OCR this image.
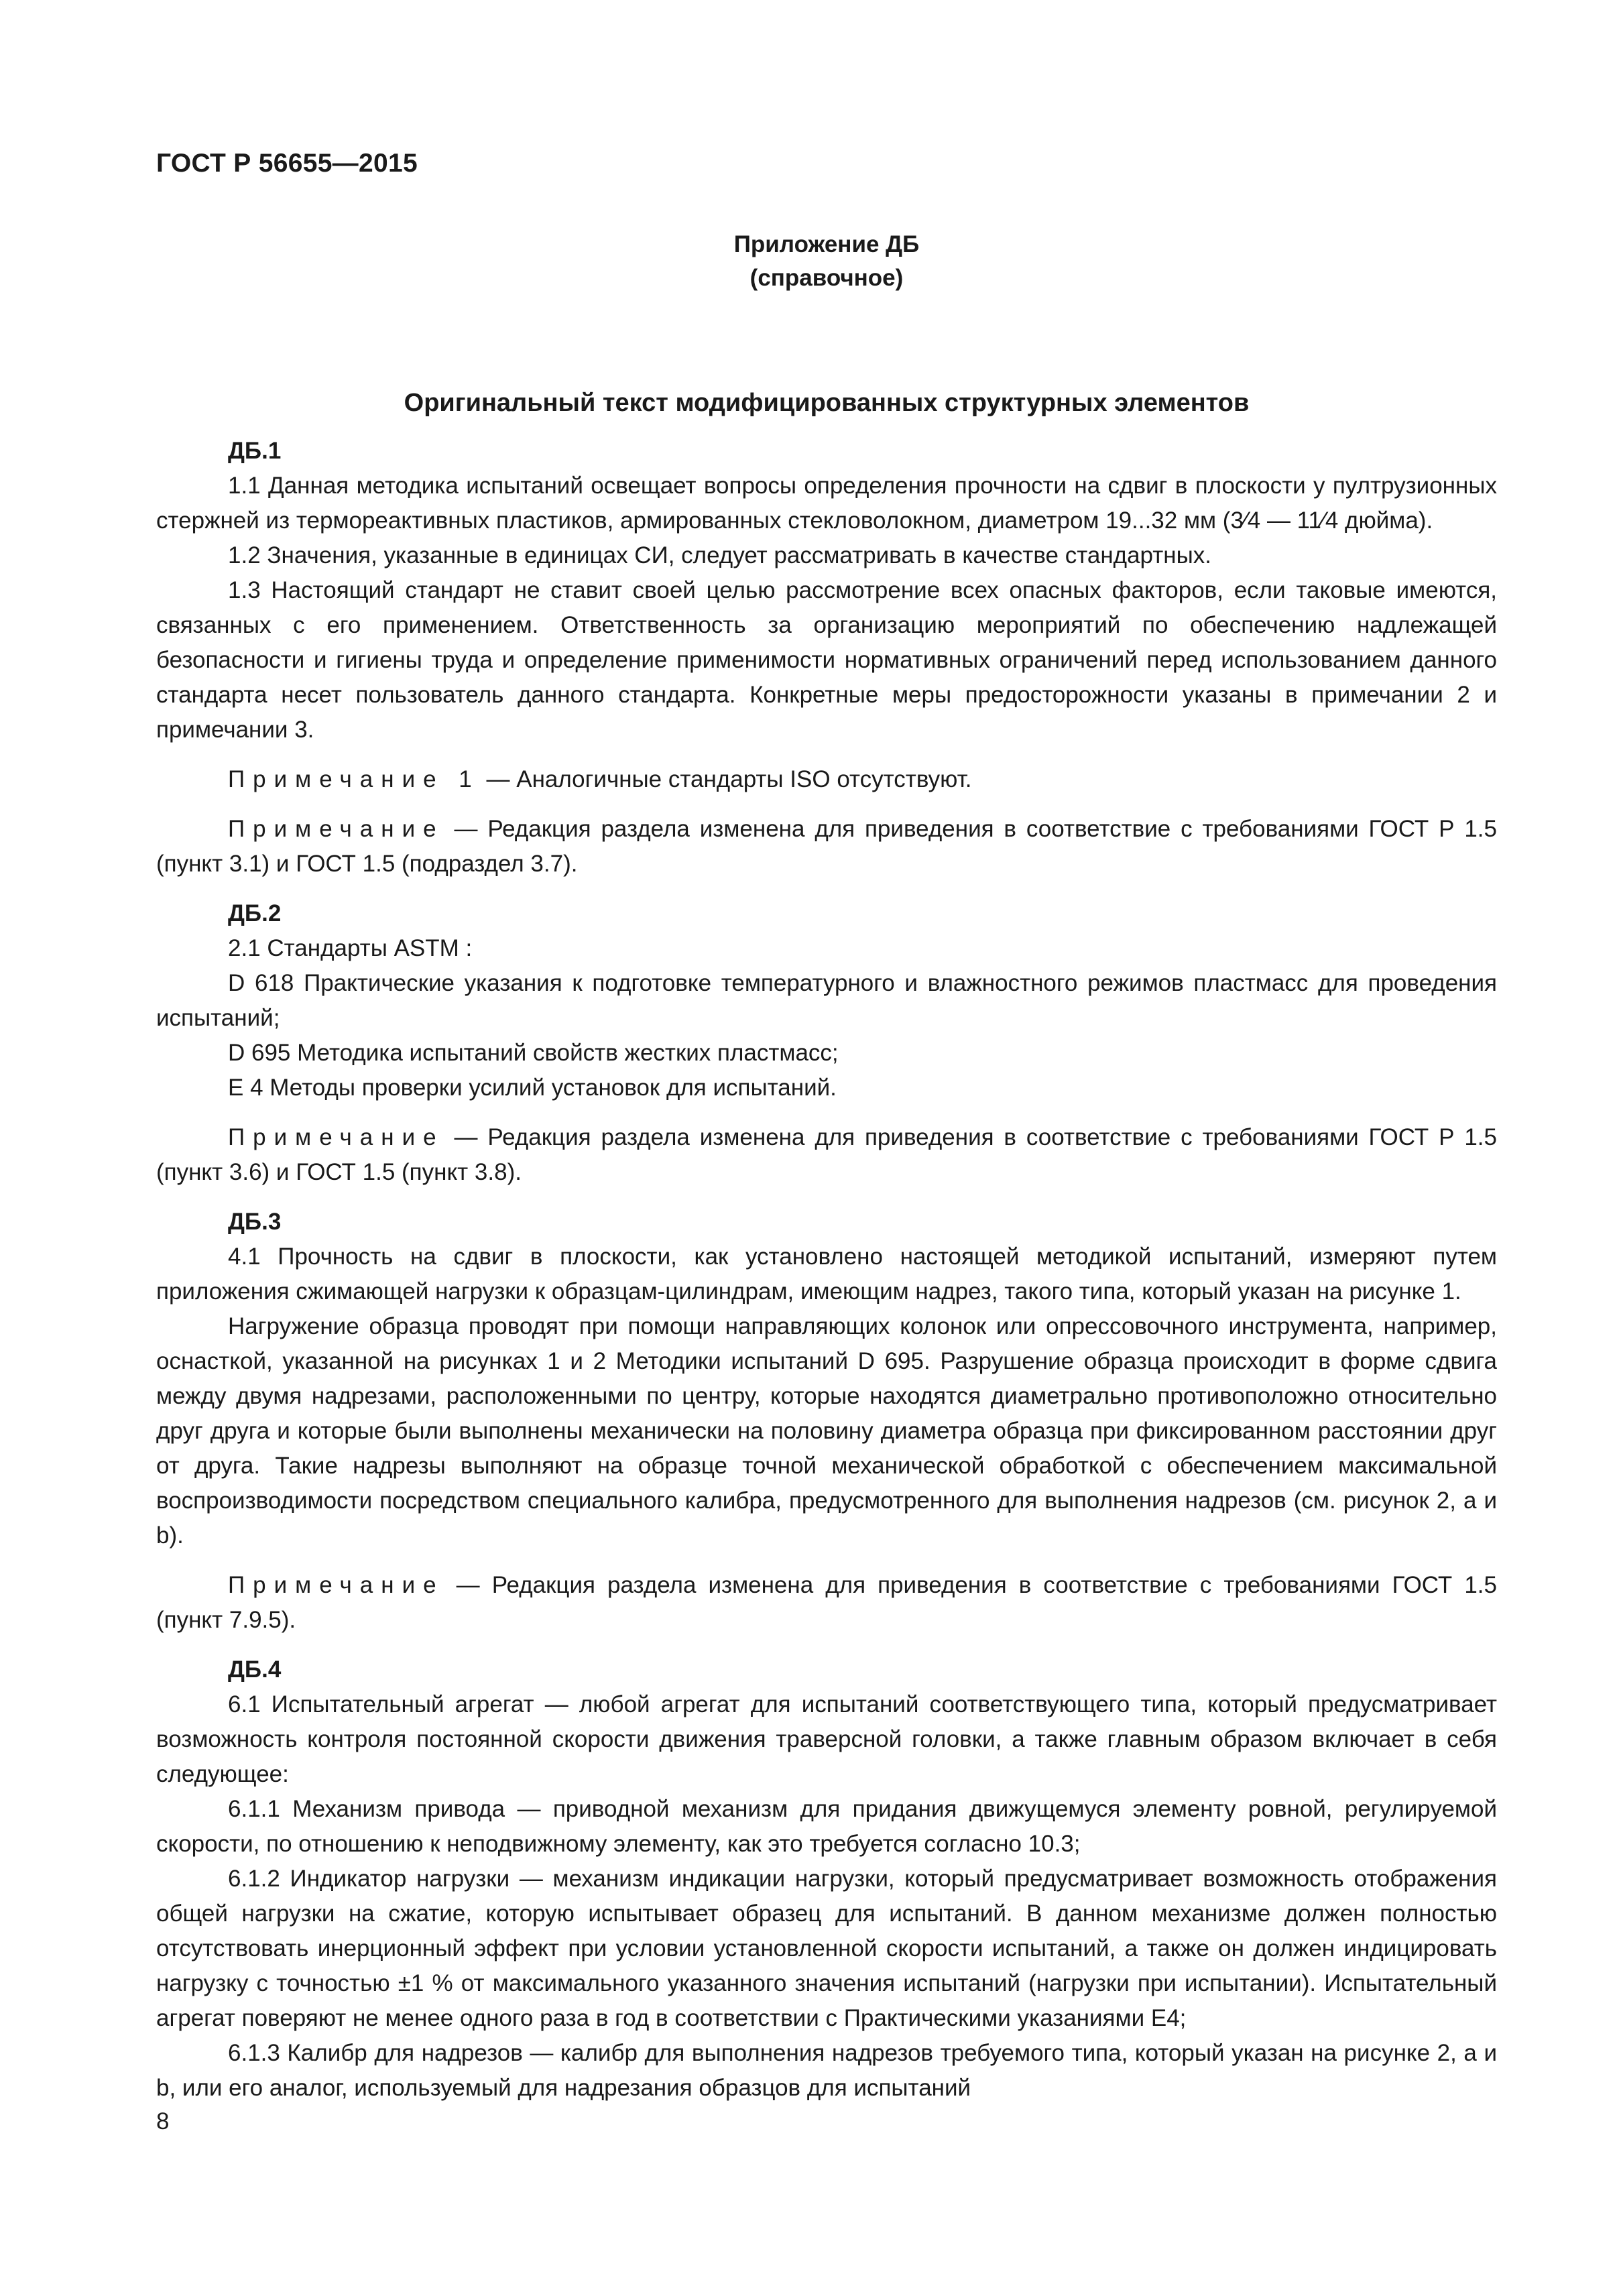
ГОСТ Р 56655—2015
Приложение ДБ
(справочное)
Оригинальный текст модифицированных структурных элементов
ДБ.1

1.1 Данная методика испытаний освещает вопросы определения прочности на сдвиг в плоскости у пултрузионных стержней из термореактивных пластиков, армированных стекловолокном, диаметром 19...32 мм (3⁄4 — 11⁄4 дюйма).

1.2 Значения, указанные в единицах СИ, следует рассматривать в качестве стандартных.

1.3 Настоящий стандарт не ставит своей целью рассмотрение всех опасных факторов, если таковые имеются, связанных с его применением. Ответственность за организацию мероприятий по обеспечению надлежащей безопасности и гигиены труда и определение применимости нормативных ограничений перед использованием данного стандарта несет пользователь данного стандарта. Конкретные меры предосторожности указаны в примечании 2 и примечании 3.

Примечание 1 — Аналогичные стандарты ISO отсутствуют.

Примечание — Редакция раздела изменена для приведения в соответствие с требованиями ГОСТ Р 1.5 (пункт 3.1) и ГОСТ 1.5 (подраздел 3.7).

ДБ.2

2.1 Стандарты ASTM :

D 618 Практические указания к подготовке температурного и влажностного режимов пластмасс для проведения испытаний;

D 695 Методика испытаний свойств жестких пластмасс;

E 4 Методы проверки усилий установок для испытаний.

Примечание — Редакция раздела изменена для приведения в соответствие с требованиями ГОСТ Р 1.5 (пункт 3.6) и ГОСТ 1.5 (пункт 3.8).

ДБ.3

4.1 Прочность на сдвиг в плоскости, как установлено настоящей методикой испытаний, измеряют путем приложения сжимающей нагрузки к образцам-цилиндрам, имеющим надрез, такого типа, который указан на рисунке 1.

Нагружение образца проводят при помощи направляющих колонок или опрессовочного инструмента, например, оснасткой, указанной на рисунках 1 и 2 Методики испытаний D 695. Разрушение образца происходит в форме сдвига между двумя надрезами, расположенными по центру, которые находятся диаметрально противоположно относительно друг друга и которые были выполнены механически на половину диаметра образца при фиксированном расстоянии друг от друга. Такие надрезы выполняют на образце точной механической обработкой с обеспечением максимальной воспроизводимости посредством специального калибра, предусмотренного для выполнения надрезов (см. рисунок 2, a и b).

Примечание — Редакция раздела изменена для приведения в соответствие с требованиями ГОСТ 1.5 (пункт 7.9.5).

ДБ.4

6.1 Испытательный агрегат — любой агрегат для испытаний соответствующего типа, который предусматривает возможность контроля постоянной скорости движения траверсной головки, а также главным образом включает в себя следующее:

6.1.1 Механизм привода — приводной механизм для придания движущемуся элементу ровной, регулируемой скорости, по отношению к неподвижному элементу, как это требуется согласно 10.3;

6.1.2 Индикатор нагрузки — механизм индикации нагрузки, который предусматривает возможность отображения общей нагрузки на сжатие, которую испытывает образец для испытаний. В данном механизме должен полностью отсутствовать инерционный эффект при условии установленной скорости испытаний, а также он должен индицировать нагрузку с точностью ±1 % от максимального указанного значения испытаний (нагрузки при испытании). Испытательный агрегат поверяют не менее одного раза в год в соответствии с Практическими указаниями E4;

6.1.3 Калибр для надрезов — калибр для выполнения надрезов требуемого типа, который указан на рисунке 2, a и b, или его аналог, используемый для надрезания образцов для испытаний

8
